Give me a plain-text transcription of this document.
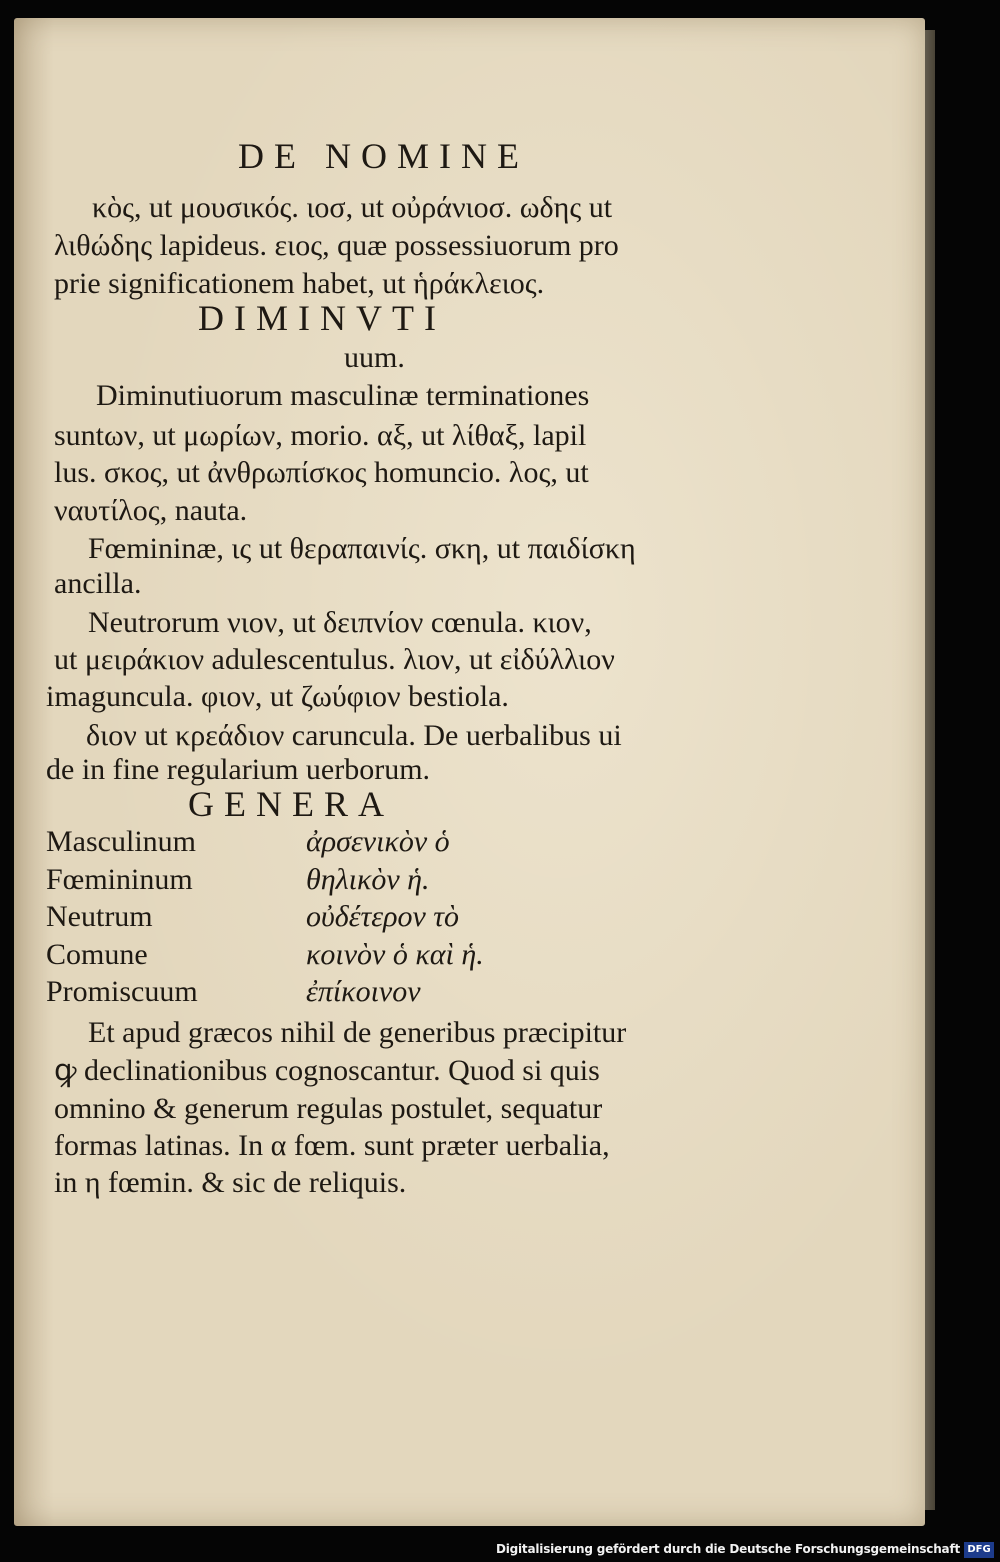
DE NOMINE
κὸς, ut μουσικός. ιοσ, ut οὐράνιοσ. ωδης ut
λιθώδης lapideus. ειος, quæ possessiuorum pro
prie significationem habet, ut ἡράκλειος.
DIMINVTI
uum.
Diminutiuorum masculinæ terminationes
suntων, ut μωρίων, morio. αξ, ut λίθαξ, lapil
lus. σκος, ut ἀνθρωπίσκος homuncio. λος, ut
ναυτίλος, nauta.
Fœmininæ, ις ut θεραπαινίς. σκη, ut παιδίσκη
ancilla.
Neutrorum νιον, ut δειπνίον cœnula. κιον,
ut μειράκιον adulescentulus. λιον, ut εἰδύλλιον
imaguncula. φιον, ut ζωύφιον bestiola.
διον ut κρεάδιον caruncula. De uerbalibus ui
de in fine regularium uerborum.
GENERA
Masculinum	ἀρσενικὸν ὁ
Fœmininum	θηλικὸν ἡ.
Neutrum	οὐδέτερον τὸ
Comune	κοινὸν ὁ καὶ ἡ.
Promiscuum	ἐπίκοινον
Et apud græcos nihil de generibus præcipitur
ꝙ declinationibus cognoscantur. Quod si quis
omnino & generum regulas postulet, sequatur
formas latinas. In α fœm. sunt præter uerbalia,
in η fœmin. & sic de reliquis.
Digitalisierung gefördert durch die Deutsche Forschungsgemeinschaft DFG
